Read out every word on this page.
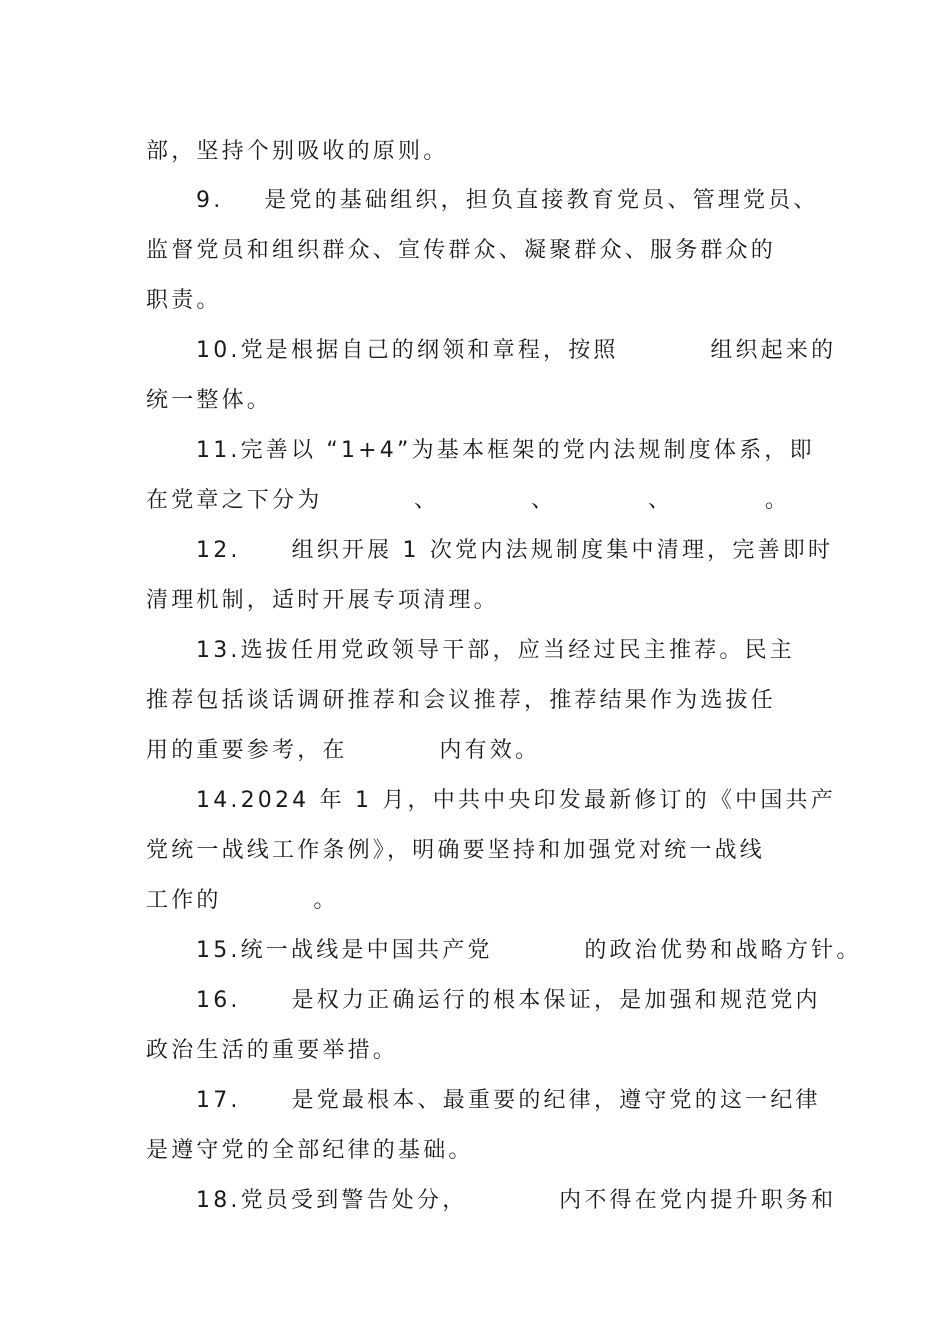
部，坚持个别吸收的原则。
9.    是党的基础组织，担负直接教育党员、管理党员、
监督党员和组织群众、宣传群众、凝聚群众、服务群众的
职责。
10.党是根据自己的纲领和章程，按照         组织起来的
统一整体。
11.完善以 “1+4”为基本框架的党内法规制度体系，即
在党章之下分为         、         、         、         。
12.     组织开展 1 次党内法规制度集中清理，完善即时
清理机制，适时开展专项清理。
13.选拔任用党政领导干部，应当经过民主推荐。民主
推荐包括谈话调研推荐和会议推荐，推荐结果作为选拔任
用的重要参考，在         内有效。
14.2024 年 1 月，中共中央印发最新修订的《中国共产
党统一战线工作条例》，明确要坚持和加强党对统一战线
工作的         。
15.统一战线是中国共产党         的政治优势和战略方针。
16.     是权力正确运行的根本保证，是加强和规范党内
政治生活的重要举措。
17.     是党最根本、最重要的纪律，遵守党的这一纪律
是遵守党的全部纪律的基础。
18.党员受到警告处分，         内不得在党内提升职务和
